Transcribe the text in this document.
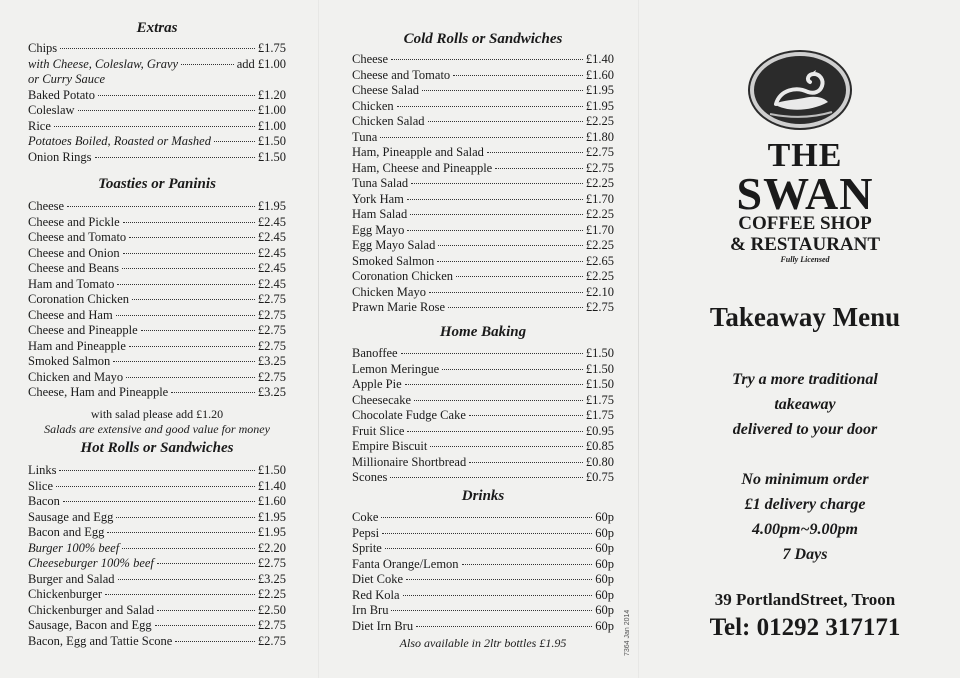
Extras
Chips	£1.75
with Cheese, Coleslaw, Gravy	add £1.00
or Curry Sauce
Baked Potato	£1.20
Coleslaw	£1.00
Rice	£1.00
Potatoes Boiled, Roasted or Mashed	£1.50
Onion Rings	£1.50
Toasties or Paninis
Cheese	£1.95
Cheese and Pickle	£2.45
Cheese and Tomato	£2.45
Cheese and Onion	£2.45
Cheese and Beans	£2.45
Ham and Tomato	£2.45
Coronation Chicken	£2.75
Cheese and Ham	£2.75
Cheese and Pineapple	£2.75
Ham and Pineapple	£2.75
Smoked Salmon	£3.25
Chicken and Mayo	£2.75
Cheese, Ham and Pineapple	£3.25
with salad please add £1.20
Salads are extensive and good value for money
Hot Rolls or Sandwiches
Links	£1.50
Slice	£1.40
Bacon	£1.60
Sausage and Egg	£1.95
Bacon and Egg	£1.95
Burger 100% beef	£2.20
Cheeseburger 100% beef	£2.75
Burger and Salad	£3.25
Chickenburger	£2.25
Chickenburger and Salad	£2.50
Sausage, Bacon and Egg	£2.75
Bacon, Egg and Tattie Scone	£2.75
Cold Rolls or Sandwiches
Cheese	£1.40
Cheese and Tomato	£1.60
Cheese Salad	£1.95
Chicken	£1.95
Chicken Salad	£2.25
Tuna	£1.80
Ham, Pineapple and Salad	£2.75
Ham, Cheese and Pineapple	£2.75
Tuna Salad	£2.25
York Ham	£1.70
Ham Salad	£2.25
Egg Mayo	£1.70
Egg Mayo Salad	£2.25
Smoked Salmon	£2.65
Coronation Chicken	£2.25
Chicken Mayo	£2.10
Prawn Marie Rose	£2.75
Home Baking
Banoffee	£1.50
Lemon Meringue	£1.50
Apple Pie	£1.50
Cheesecake	£1.75
Chocolate Fudge Cake	£1.75
Fruit Slice	£0.95
Empire Biscuit	£0.85
Millionaire Shortbread	£0.80
Scones	£0.75
Drinks
Coke	60p
Pepsi	60p
Sprite	60p
Fanta Orange/Lemon	60p
Diet Coke	60p
Red Kola	60p
Irn Bru	60p
Diet Irn Bru	60p
Also available in 2ltr bottles £1.95	7364 Jan 2014
THE
SWAN
COFFEE SHOP
& RESTAURANT
Fully Licensed
Takeaway Menu
Try a more traditional
takeaway
delivered to your door
No minimum order
£1 delivery charge
4.00pm~9.00pm
7 Days
39 PortlandStreet, Troon
Tel: 01292 317171
